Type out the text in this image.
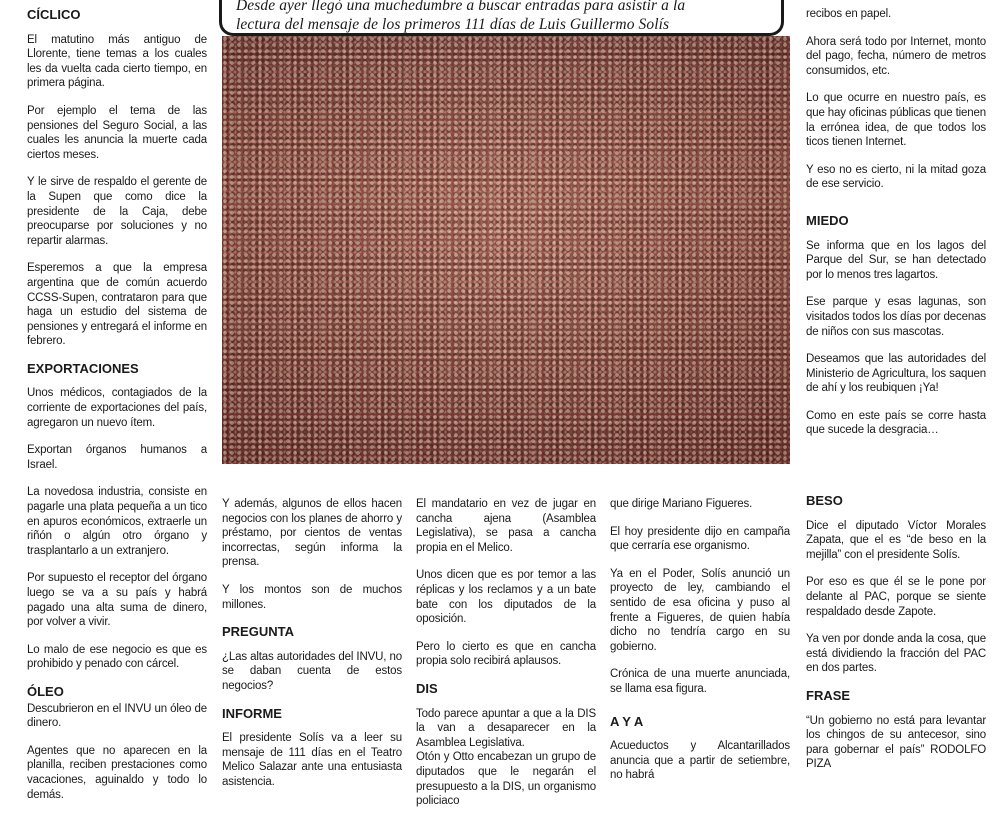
Desde ayer llegó una muchedumbre a buscar entradas para asistir a la
lectura del mensaje de los primeros 111 días de Luis Guillermo Solís
CÍCLICO

El matutino más antiguo de Llorente, tiene temas a los cuales les da vuelta cada cierto tiempo, en primera página.

Por ejemplo el tema de las pensiones del Seguro Social, a las cuales les anuncia la muerte cada ciertos meses.

Y le sirve de respaldo el gerente de la Supen que como dice la presidente de la Caja, debe preocuparse por soluciones y no repartir alarmas.

Esperemos a que la empresa argentina que de común acuerdo CCSS-Supen, contrataron para que haga un estudio del sistema de pensiones y entregará el informe en febrero.

EXPORTACIONES

Unos médicos, contagiados de la corriente de exportaciones del país, agregaron un nuevo ítem.

Exportan órganos humanos a Israel.

La novedosa industria, consiste en pagarle una plata pequeña a un tico en apuros económicos, extraerle un riñón o algún otro órgano y trasplantarlo a un extranjero.

Por supuesto el receptor del órgano luego se va a su país y habrá pagado una alta suma de dinero, por volver a vivir.

Lo malo de ese negocio es que es prohibido y penado con cárcel.

ÓLEO

Descubrieron en el INVU un óleo de dinero.

Agentes que no aparecen en la planilla, reciben prestaciones como vacaciones, aguinaldo y todo lo demás.

Y además, algunos de ellos hacen negocios con los planes de ahorro y préstamo, por cientos de ventas incorrectas, según informa la prensa.

Y los montos son de muchos millones.

PREGUNTA

¿Las altas autoridades del INVU, no se daban cuenta de estos negocios?

INFORME

El presidente Solís va a leer su mensaje de 111 días en el Teatro Melico Salazar ante una entusiasta asistencia.

El mandatario en vez de jugar en cancha ajena (Asamblea Legislativa), se pasa a cancha propia en el Melico.

Unos dicen que es por temor a las réplicas y los reclamos y a un bate bate con los diputados de la oposición.

Pero lo cierto es que en cancha propia solo recibirá aplausos.

DIS

Todo parece apuntar a que a la DIS la van a desaparecer en la Asamblea Legislativa.

Otón y Otto encabezan un grupo de diputados que le negarán el presupuesto a la DIS, un organismo policiaco

que dirige Mariano Figueres.

El hoy presidente dijo en campaña que cerraría ese organismo.

Ya en el Poder, Solís anunció un proyecto de ley, cambiando el sentido de esa oficina y puso al frente a Figueres, de quien había dicho no tendría cargo en su gobierno.

Crónica de una muerte anunciada, se llama esa figura.

A Y A

Acueductos y Alcantarillados anuncia que a partir de setiembre, no habrá

recibos en papel.

Ahora será todo por Internet, monto del pago, fecha, número de metros consumidos, etc.

Lo que ocurre en nuestro país, es que hay oficinas públicas que tienen la errónea idea, de que todos los ticos tienen Internet.

Y eso no es cierto, ni la mitad goza de ese servicio.

MIEDO

Se informa que en los lagos del Parque del Sur, se han detectado por lo menos tres lagartos.

Ese parque y esas lagunas, son visitados todos los días por decenas de niños con sus mascotas.

Deseamos que las autoridades del Ministerio de Agricultura, los saquen de ahí y los reubiquen ¡Ya!

Como en este país se corre hasta que sucede la desgracia…

BESO

Dice el diputado Víctor Morales Zapata, que el es “de beso en la mejilla” con el presidente Solís.

Por eso es que él se le pone por delante al PAC, porque se siente respaldado desde Zapote.

Ya ven por donde anda la cosa, que está dividiendo la fracción del PAC en dos partes.

FRASE

“Un gobierno no está para levantar los chingos de su antecesor, sino para gobernar el país” RODOLFO PIZA
